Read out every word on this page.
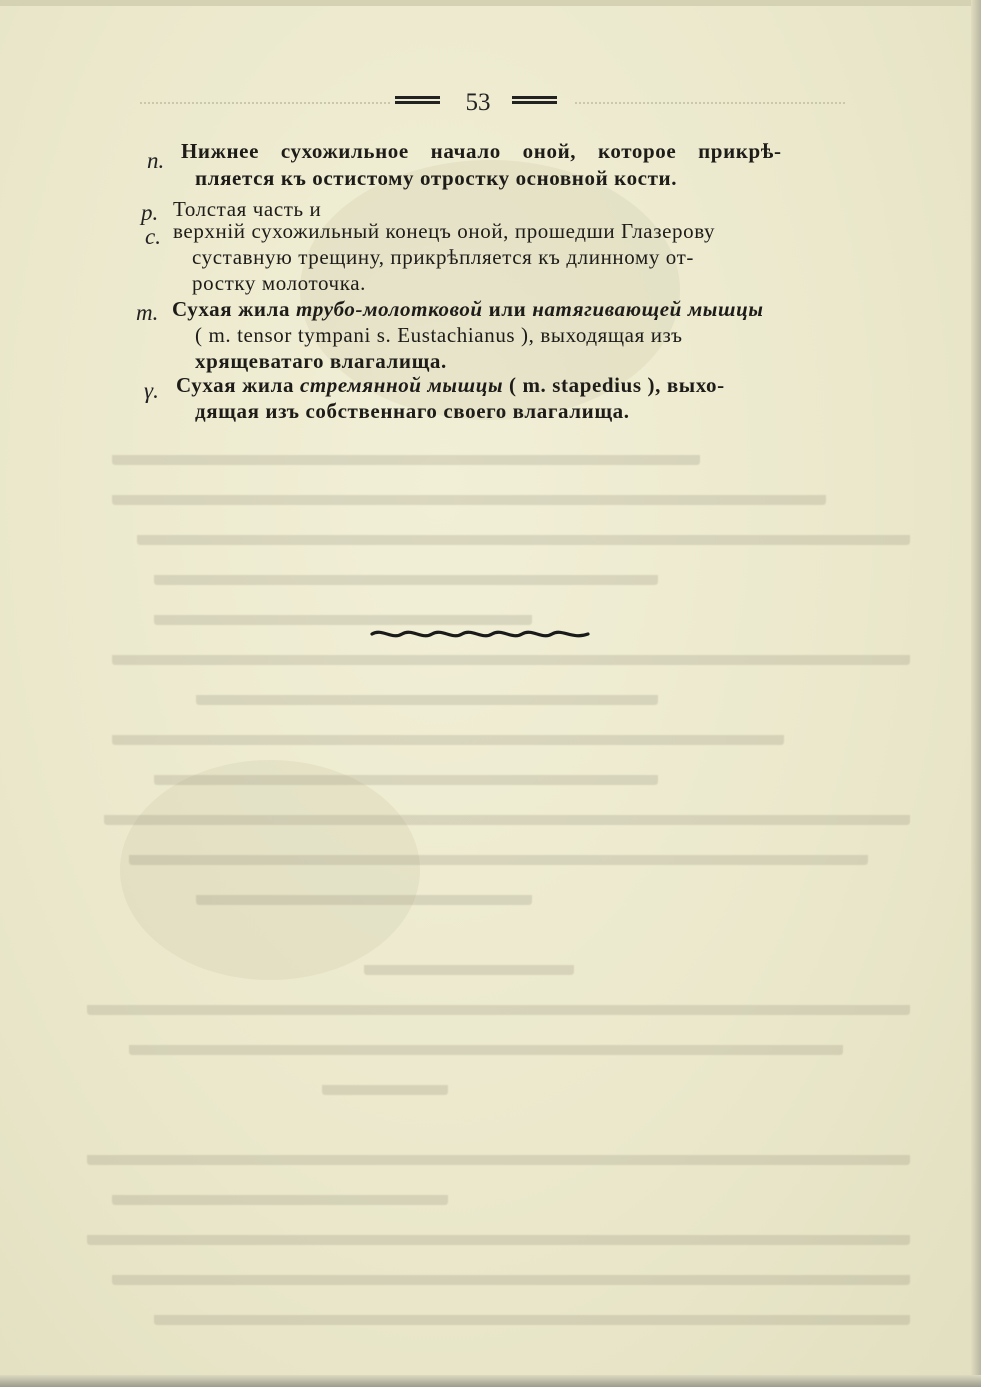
53
n. Нижнее сухожильное начало оной, которое прикрѣ-
пляется къ остистому отростку основной кости.
p. Толстая часть и
c. верхній сухожильный конецъ оной, прошедши Глазерову
суставную трещину, прикрѣпляется къ длинному от-
ростку молоточка.
m. Сухая жила трубо-молотковой или натягивающей мышцы
( m. tensor tympani s. Eustachianus ), выходящая изъ
хрящеватаго влагалища.
γ. Сухая жила стремянной мышцы ( m. stapedius ), выхо-
дящая изъ собственнаго своего влагалища.
